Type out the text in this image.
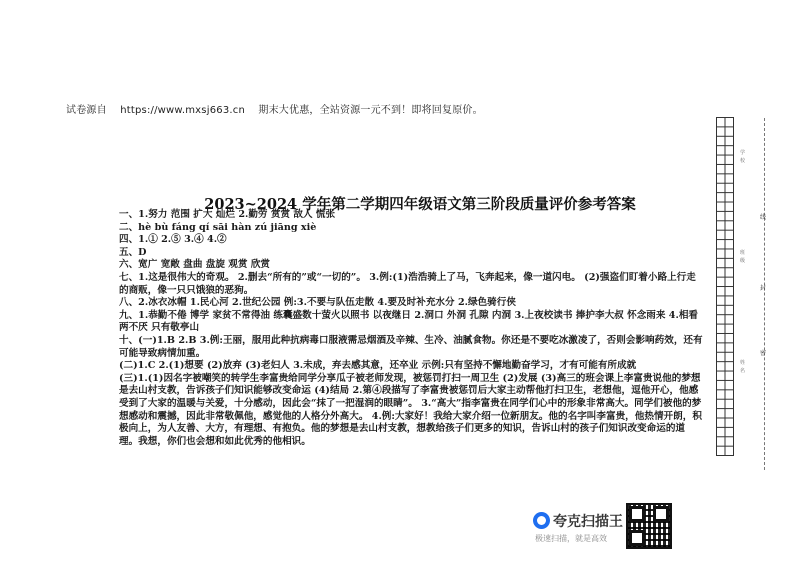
试卷源自 https://www.mxsj663.cn 期末大优惠，全站资源一元不到！即将回复原价。
2023~2024 学年第二学期四年级语文第三阶段质量评价参考答案

一、1.努力 范围 扩大 灿烂 2.勤劳 赏赏 敌人 慌张

二、hè bù fáng qí sāi hàn zú jiāng xiè

四、1.① 2.⑤ 3.④ 4.②

五、D

六、宽广 宽敞 盘曲 盘旋 观赏 欣赏

七、1.这是很伟大的奇观。 2.删去“所有的”或“一切的”。 3.例:(1)浩浩骑上了马，飞奔起来，像一道闪电。 (2)强盗们盯着小路上行走的商贩，像一只只饿狼的恶狗。

八、2.冰衣冰帽 1.民心河 2.世纪公园 例:3.不要与队伍走散 4.要及时补充水分 2.绿色骑行侠

九、1.恭勤不倦 博学 家贫不常得油 练囊盛数十萤火以照书 以夜继日 2.洞口 外洞 孔隙 内洞 3.上夜校读书 捧护李大叔 怀念雨来 4.相看两不厌 只有敬亭山

十、(一)1.B 2.B 3.例:王丽，服用此种抗病毒口服液需忌烟酒及辛辣、生冷、油腻食物。你还是不要吃冰激凌了，否则会影响药效，还有可能导致病情加重。

(二)1.C 2.(1)想要 (2)放弃 (3)老妇人 3.未成，弃去感其意，还卒业 示例:只有坚持不懈地勤奋学习，才有可能有所成就

(三)1.(1)因名字被嘲笑的转学生李富贵给同学分享瓜子被老师发现，被惩罚打扫一周卫生 (2)发展 (3)高三的班会课上李富贵说他的梦想是去山村支教，告诉孩子们知识能够改变命运 (4)结局 2.第④段描写了李富贵被惩罚后大家主动帮他打扫卫生，老想他，逗他开心，他感受到了大家的温暖与关爱，十分感动，因此会“抹了一把湿润的眼睛”。 3.“高大”指李富贵在同学们心中的形象非常高大。同学们被他的梦想感动和震撼，因此非常敬佩他，感觉他的人格分外高大。 4.例:大家好！我给大家介绍一位新朋友。他的名字叫李富贵，他热情开朗，积极向上，为人友善、大方，有理想、有抱负。他的梦想是去山村支教，想教给孩子们更多的知识，告诉山村的孩子们知识改变命运的道理。我想，你们也会想和如此优秀的他相识。

线
封
密
学
校
班
级
姓
名
夸克扫描王
极速扫描，就是高效
